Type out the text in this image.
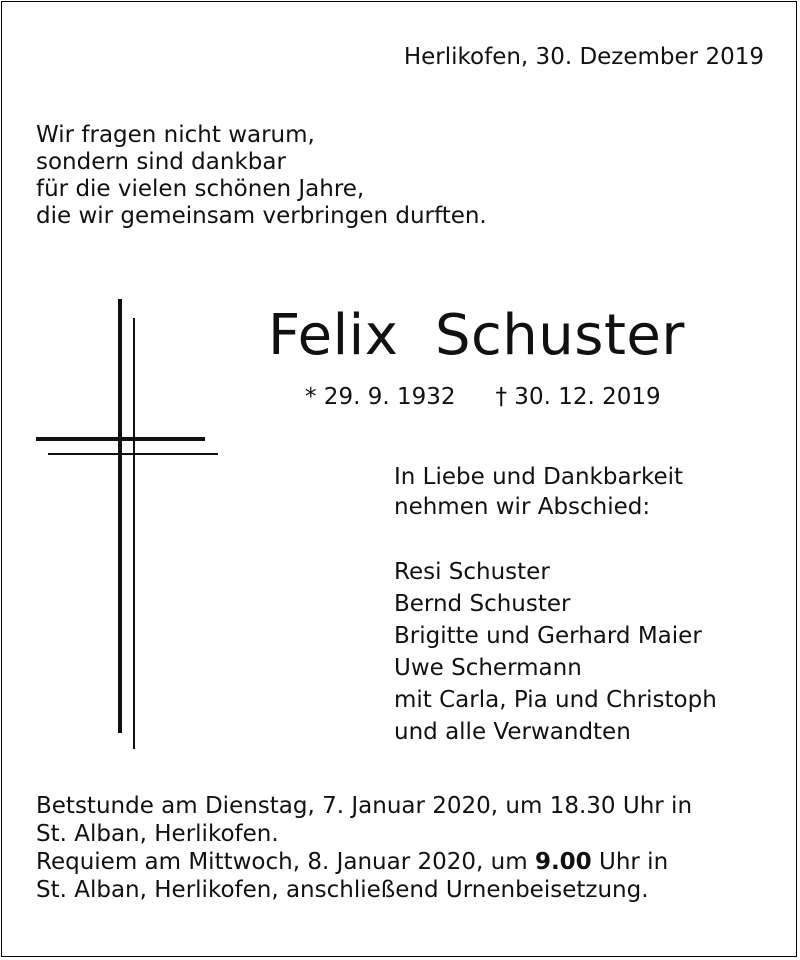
Herlikofen, 30. Dezember 2019
Wir fragen nicht warum,
sondern sind dankbar
für die vielen schönen Jahre,
die wir gemeinsam verbringen durften.
Felix  Schuster
* 29. 9. 1932 † 30. 12. 2019
In Liebe und Dankbarkeit
nehmen wir Abschied:
Resi Schuster
Bernd Schuster
Brigitte und Gerhard Maier
Uwe Schermann
mit Carla, Pia und Christoph
und alle Verwandten
Betstunde am Dienstag, 7. Januar 2020, um 18.30 Uhr in
St. Alban, Herlikofen.
Requiem am Mittwoch, 8. Januar 2020, um 9.00 Uhr in
St. Alban, Herlikofen, anschließend Urnenbeisetzung.
